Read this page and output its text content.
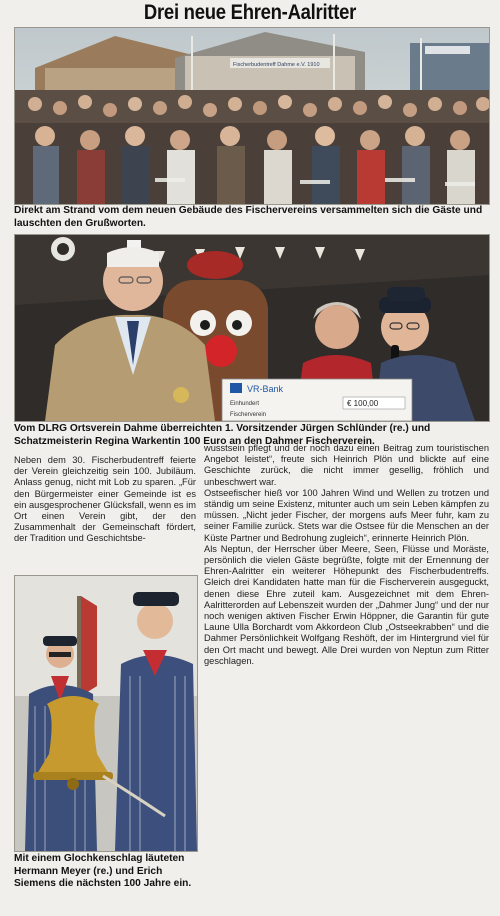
Drei neue Ehren-Aalritter
Fischerbudentreff Dahme e.V. 1910
Direkt am Strand vom dem neuen Gebäude des Fischervereins versammelten sich die Gäste und lauschten den Grußworten.
VR-Bank
Einhundert
Fischerverein
€ 100,00
Vom DLRG Ortsverein Dahme überreichten 1. Vorsitzender Jürgen Schlünder (re.) und Schatzmeisterin Regina Warkentin 100 Euro an den Dahmer Fischerverein.

Neben dem 30. Fischerbudentreff feierte der Verein gleichzeitig sein 100. Jubiläum. Anlass genug, nicht mit Lob zu sparen. „Für den Bürgermeister einer Gemeinde ist es ein ausgesprochener Glücksfall, wenn es im Ort einen Verein gibt, der den Zusammenhalt der Gemeinschaft fördert, der Tradition und Geschichtsbe-

wusstsein pflegt und der noch dazu einen Beitrag zum touristischen Angebot leistet“, freute sich Heinrich Plön und blickte auf eine Geschichte zurück, die nicht immer gesellig, fröhlich und unbeschwert war.

Ostseefischer hieß vor 100 Jahren Wind und Wellen zu trotzen und ständig um seine Existenz, mitunter auch um sein Leben kämpfen zu müssen. „Nicht jeder Fischer, der morgens aufs Meer fuhr, kam zu seiner Familie zurück. Stets war die Ostsee für die Menschen an der Küste Partner und Bedrohung zugleich“, erinnerte Heinrich Plön.

Als Neptun, der Herrscher über Meere, Seen, Flüsse und Moräste, persönlich die vielen Gäste begrüßte, folgte mit der Ernennung der Ehren-Aalritter ein weiterer Höhepunkt des Fischerbudentreffs. Gleich drei Kandidaten hatte man für die Fischerverein ausgeguckt, denen diese Ehre zuteil kam. Ausgezeichnet mit dem Ehren-Aalritterorden auf Lebenszeit wurden der „Dahmer Jung“ und der nur noch wenigen aktiven Fischer Erwin Höppner, die Garantin für gute Laune Ulla Borchardt vom Akkordeon Club „Ostseekrabben“ und die Dahmer Persönlichkeit Wolfgang Reshöft, der im Hintergrund viel für den Ort macht und bewegt. Alle Drei wurden von Neptun zum Ritter geschlagen.

Mit einem Glochkenschlag läuteten Hermann Meyer (re.) und Erich Siemens die nächsten 100 Jahre ein.
